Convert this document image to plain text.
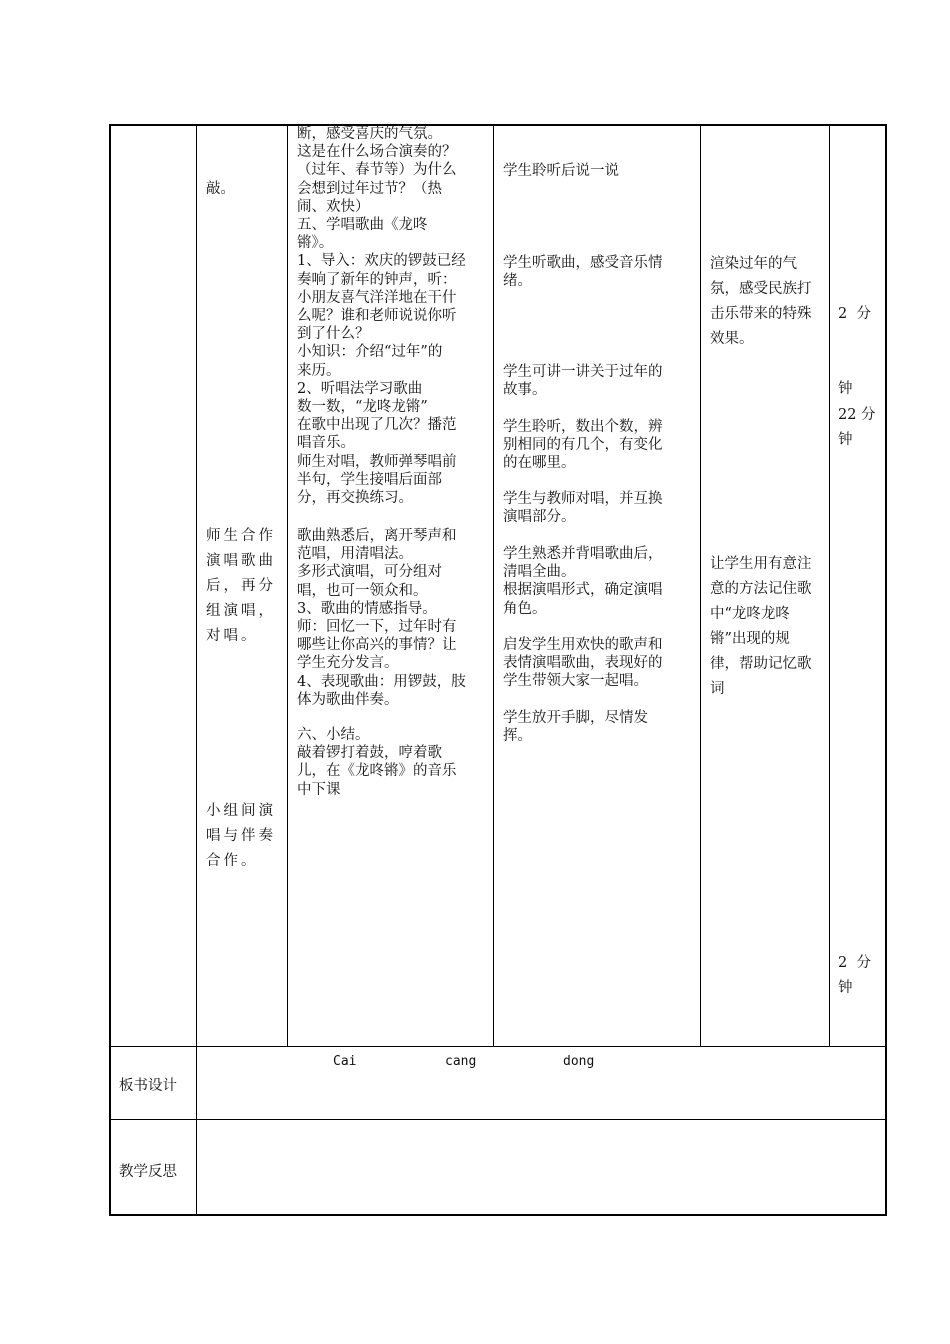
敲。
师生合作
演唱歌曲
后，再分
组演唱，
对唱。
小组间演
唱与伴奏
合作。
断，感受喜庆的气氛。
这是在什么场合演奏的？
（过年、春节等）为什么
会想到过年过节？（热
闹、欢快）
五、学唱歌曲《龙咚
锵》。
1、导入：欢庆的锣鼓已经
奏响了新年的钟声，听：
小朋友喜气洋洋地在干什
么呢？谁和老师说说你听
到了什么？
小知识：介绍“过年”的
来历。
2、听唱法学习歌曲
数一数，“龙咚龙锵”
在歌中出现了几次？播范
唱音乐。
师生对唱，教师弹琴唱前
半句，学生接唱后面部
分，再交换练习。
歌曲熟悉后，离开琴声和
范唱，用清唱法。
多形式演唱，可分组对
唱，也可一领众和。
3、歌曲的情感指导。
师：回忆一下，过年时有
哪些让你高兴的事情？让
学生充分发言。
4、表现歌曲：用锣鼓，肢
体为歌曲伴奏。
六、小结。
敲着锣打着鼓，哼着歌
儿，在《龙咚锵》的音乐
中下课
学生聆听后说一说
学生听歌曲，感受音乐情
绪。
学生可讲一讲关于过年的
故事。
学生聆听，数出个数，辨
别相同的有几个，有变化
的在哪里。
学生与教师对唱，并互换
演唱部分。
学生熟悉并背唱歌曲后，
清唱全曲。
根据演唱形式，确定演唱
角色。
启发学生用欢快的歌声和
表情演唱歌曲，表现好的
学生带领大家一起唱。
学生放开手脚，尽情发
挥。
渲染过年的气
氛，感受民族打
击乐带来的特殊
效果。
让学生用有意注
意的方法记住歌
中“龙咚龙咚
锵”出现的规
律，帮助记忆歌
词

2  分

钟

22 分
钟
2  分
钟
板书设计
Cai	cang	dong
教学反思
